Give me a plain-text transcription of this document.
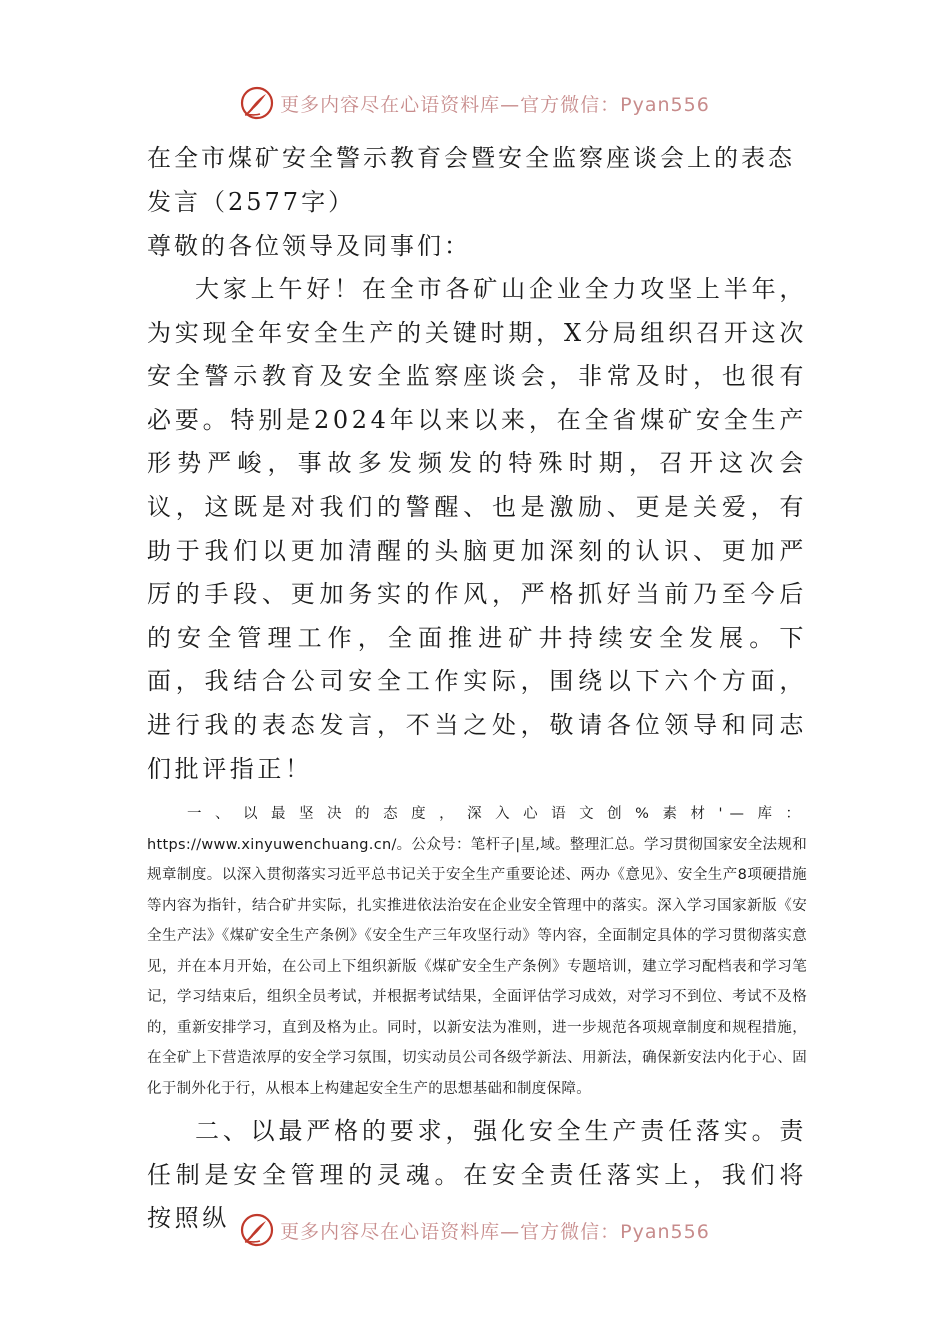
更多内容尽在心语资料库—官方微信：Pyan556

在全市煤矿安全警示教育会暨安全监察座谈会上的表态发言（2577字）

尊敬的各位领导及同事们：

大家上午好！在全市各矿山企业全力攻坚上半年，为实现全年安全生产的关键时期，X分局组织召开这次安全警示教育及安全监察座谈会，非常及时，也很有必要。特别是2024年以来以来，在全省煤矿安全生产形势严峻，事故多发频发的特殊时期，召开这次会议，这既是对我们的警醒、也是激励、更是关爱，有助于我们以更加清醒的头脑更加深刻的认识、更加严厉的手段、更加务实的作风，严格抓好当前乃至今后的安全管理工作，全面推进矿井持续安全发展。下面，我结合公司安全工作实际，围绕以下六个方面，进行我的表态发言，不当之处，敬请各位领导和同志们批评指正！

一、以最坚决的态度，深入心语文创%素材'—库：https://www.xinyuwenchuang.cn/。公众号：笔杆子|星,域。整理汇总。学习贯彻国家安全法规和规章制度。以深入贯彻落实习近平总书记关于安全生产重要论述、两办《意见》、安全生产8项硬措施等内容为指针，结合矿井实际，扎实推进依法治安在企业安全管理中的落实。深入学习国家新版《安全生产法》《煤矿安全生产条例》《安全生产三年攻坚行动》等内容，全面制定具体的学习贯彻落实意见，并在本月开始，在公司上下组织新版《煤矿安全生产条例》专题培训，建立学习配档表和学习笔记，学习结束后，组织全员考试，并根据考试结果，全面评估学习成效，对学习不到位、考试不及格的，重新安排学习，直到及格为止。同时，以新安法为准则，进一步规范各项规章制度和规程措施，在全矿上下营造浓厚的安全学习氛围，切实动员公司各级学新法、用新法，确保新安法内化于心、固化于制外化于行，从根本上构建起安全生产的思想基础和制度保障。

二、以最严格的要求，强化安全生产责任落实。责任制是安全管理的灵魂。在安全责任落实上，我们将按照纵	更多内容尽在心语资料库—官方微信：Pyan556
